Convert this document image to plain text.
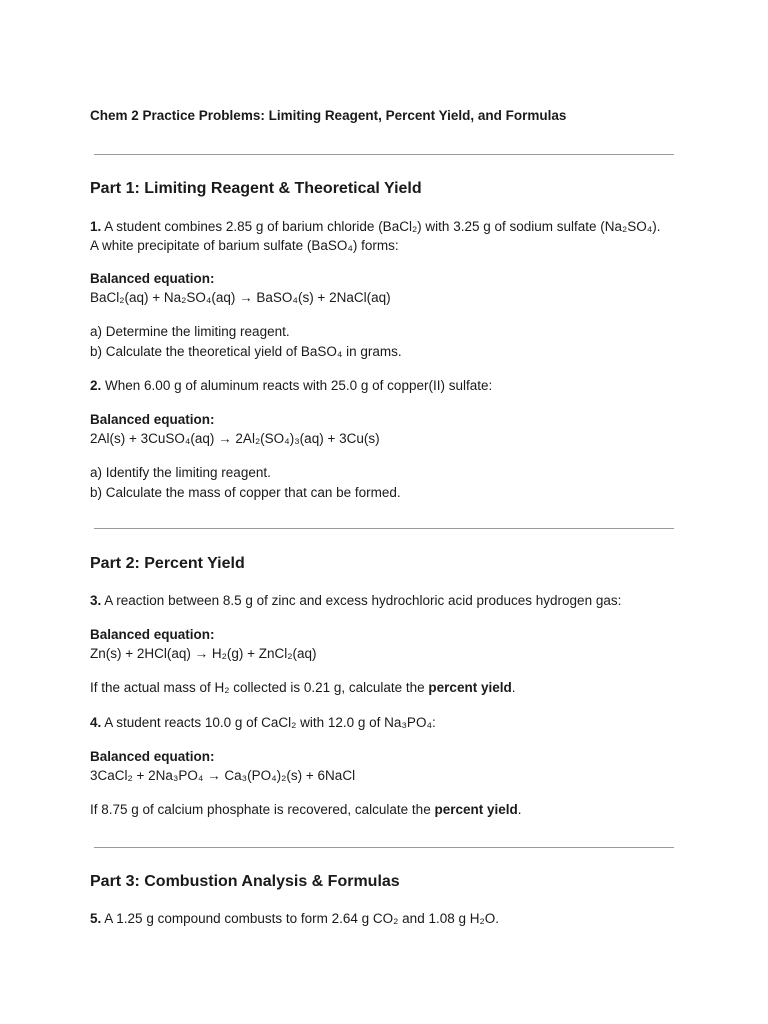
Chem 2 Practice Problems: Limiting Reagent, Percent Yield, and Formulas
Part 1: Limiting Reagent & Theoretical Yield
1. A student combines 2.85 g of barium chloride (BaCl₂) with 3.25 g of sodium sulfate (Na₂SO₄).
A white precipitate of barium sulfate (BaSO₄) forms:
Balanced equation:
BaCl₂(aq) + Na₂SO₄(aq) → BaSO₄(s) + 2NaCl(aq)
a) Determine the limiting reagent.
b) Calculate the theoretical yield of BaSO₄ in grams.
2. When 6.00 g of aluminum reacts with 25.0 g of copper(II) sulfate:
Balanced equation:
2Al(s) + 3CuSO₄(aq) → 2Al₂(SO₄)₃(aq) + 3Cu(s)
a) Identify the limiting reagent.
b) Calculate the mass of copper that can be formed.
Part 2: Percent Yield
3. A reaction between 8.5 g of zinc and excess hydrochloric acid produces hydrogen gas:
Balanced equation:
Zn(s) + 2HCl(aq) → H₂(g) + ZnCl₂(aq)
If the actual mass of H₂ collected is 0.21 g, calculate the percent yield.
4. A student reacts 10.0 g of CaCl₂ with 12.0 g of Na₃PO₄:
Balanced equation:
3CaCl₂ + 2Na₃PO₄ → Ca₃(PO₄)₂(s) + 6NaCl
If 8.75 g of calcium phosphate is recovered, calculate the percent yield.
Part 3: Combustion Analysis & Formulas
5. A 1.25 g compound combusts to form 2.64 g CO₂ and 1.08 g H₂O.
